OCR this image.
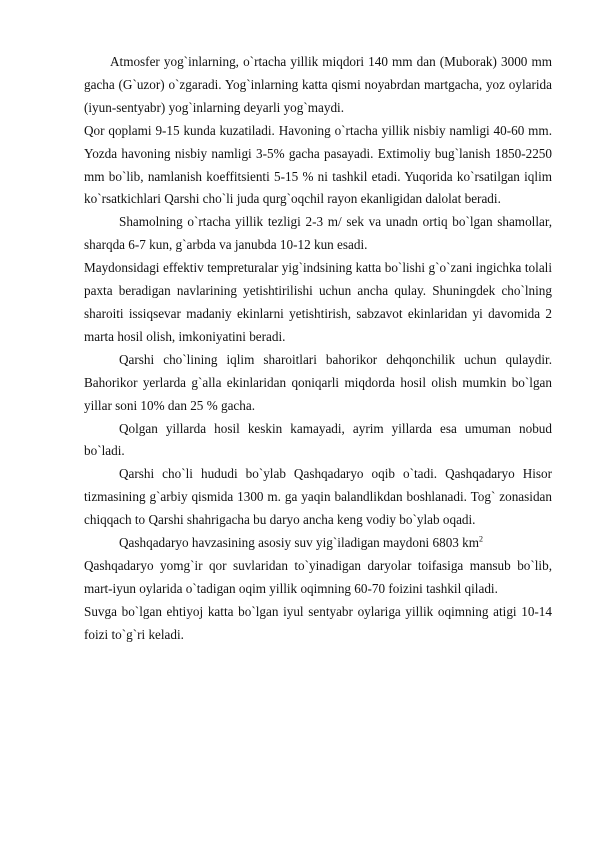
Atmosfer yog`inlarning, o`rtacha yillik miqdori 140 mm dan (Muborak) 3000 mm gacha (G`uzor) o`zgaradi. Yog`inlarning katta qismi noyabrdan martgacha, yoz oylarida (iyun-sentyabr) yog`inlarning deyarli yog`maydi.

Qor qoplami 9-15 kunda kuzatiladi. Havoning o`rtacha yillik nisbiy namligi 40-60 mm. Yozda havoning nisbiy namligi 3-5% gacha pasayadi. Extimoliy bug`lanish 1850-2250 mm bo`lib, namlanish koeffitsienti 5-15 % ni tashkil etadi. Yuqorida ko`rsatilgan iqlim ko`rsatkichlari Qarshi cho`li juda qurg`oqchil rayon ekanligidan dalolat beradi.

Shamolning o`rtacha yillik tezligi 2-3 m/ sek va unadn ortiq bo`lgan shamollar, sharqda 6-7 kun, g`arbda va janubda 10-12 kun esadi.

Maydonsidagi effektiv tempreturalar yig`indsining katta bo`lishi g`o`zani ingichka tolali paxta beradigan navlarining yetishtirilishi uchun ancha qulay. Shuningdek cho`lning sharoiti issiqsevar madaniy ekinlarni yetishtirish, sabzavot ekinlaridan yi davomida 2 marta hosil olish, imkoniyatini beradi.

Qarshi cho`lining iqlim sharoitlari bahorikor dehqonchilik uchun qulaydir. Bahorikor yerlarda g`alla ekinlaridan qoniqarli miqdorda hosil olish mumkin bo`lgan yillar soni 10% dan 25 % gacha.

Qolgan yillarda hosil keskin kamayadi, ayrim yillarda esa umuman nobud bo`ladi.

Qarshi cho`li hududi bo`ylab Qashqadaryo oqib o`tadi. Qashqadaryo Hisor tizmasining g`arbiy qismida 1300 m. ga yaqin balandlikdan boshlanadi. Tog` zonasidan chiqqach to Qarshi shahrigacha bu daryo ancha keng vodiy bo`ylab oqadi.

Qashqadaryo havzasining asosiy suv yig`iladigan maydoni 6803 $km^2$

Qashqadaryo yomg`ir qor suvlaridan to`yinadigan daryolar toifasiga mansub bo`lib, mart-iyun oylarida o`tadigan oqim yillik oqimning 60-70 foizini tashkil qiladi.

Suvga bo`lgan ehtiyoj katta bo`lgan iyul sentyabr oylariga yillik oqimning atigi 10-14 foizi to`g`ri keladi.
